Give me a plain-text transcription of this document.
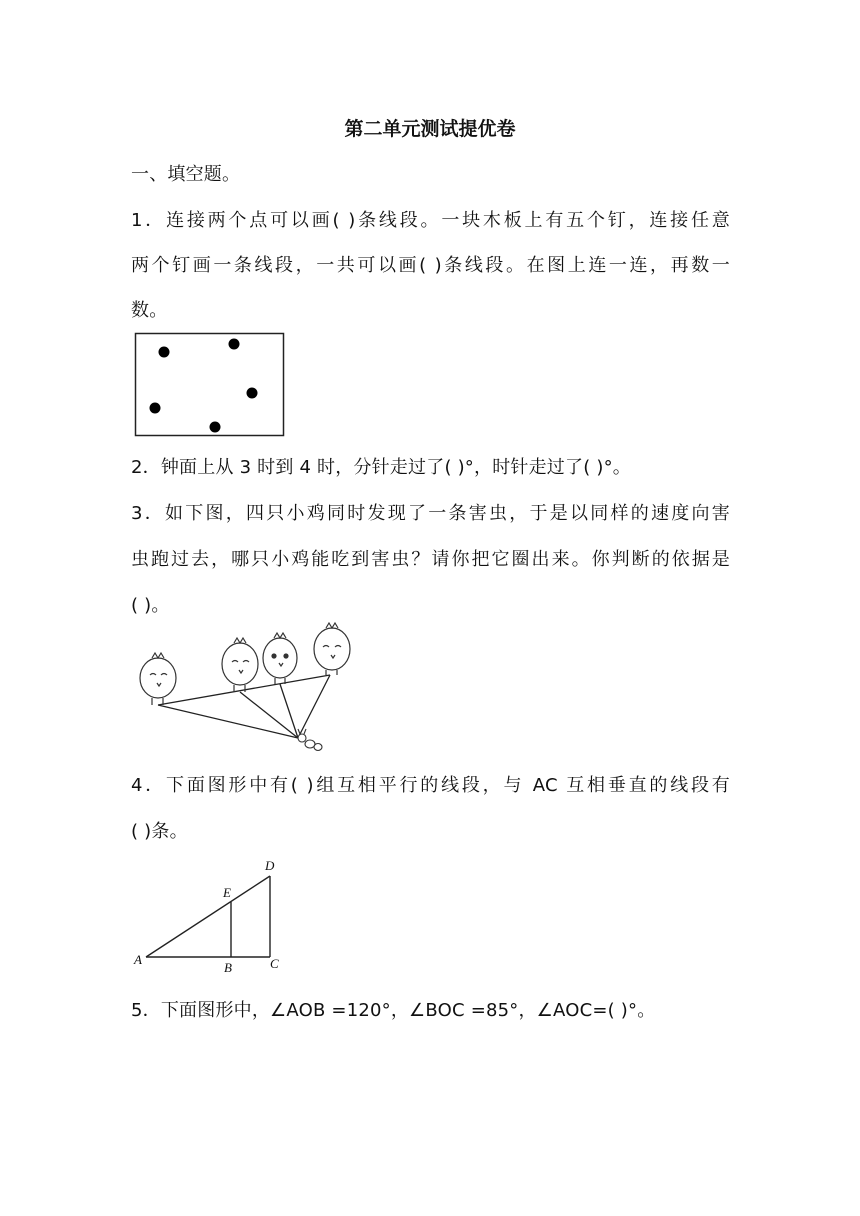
第二单元测试提优卷
一、填空题。
1．连接两个点可以画( )条线段。一块木板上有五个钉，连接任意
两个钉画一条线段，一共可以画( )条线段。在图上连一连，再数一
数。
2．钟面上从 3 时到 4 时，分针走过了( )°，时针走过了( )°。
3．如下图，四只小鸡同时发现了一条害虫，于是以同样的速度向害
虫跑过去，哪只小鸡能吃到害虫？请你把它圈出来。你判断的依据是
( )。
4．下面图形中有( )组互相平行的线段，与 AC 互相垂直的线段有
( )条。
A
B	C
D
E
5．下面图形中，∠AOB =120°，∠BOC =85°，∠AOC=( )°。
